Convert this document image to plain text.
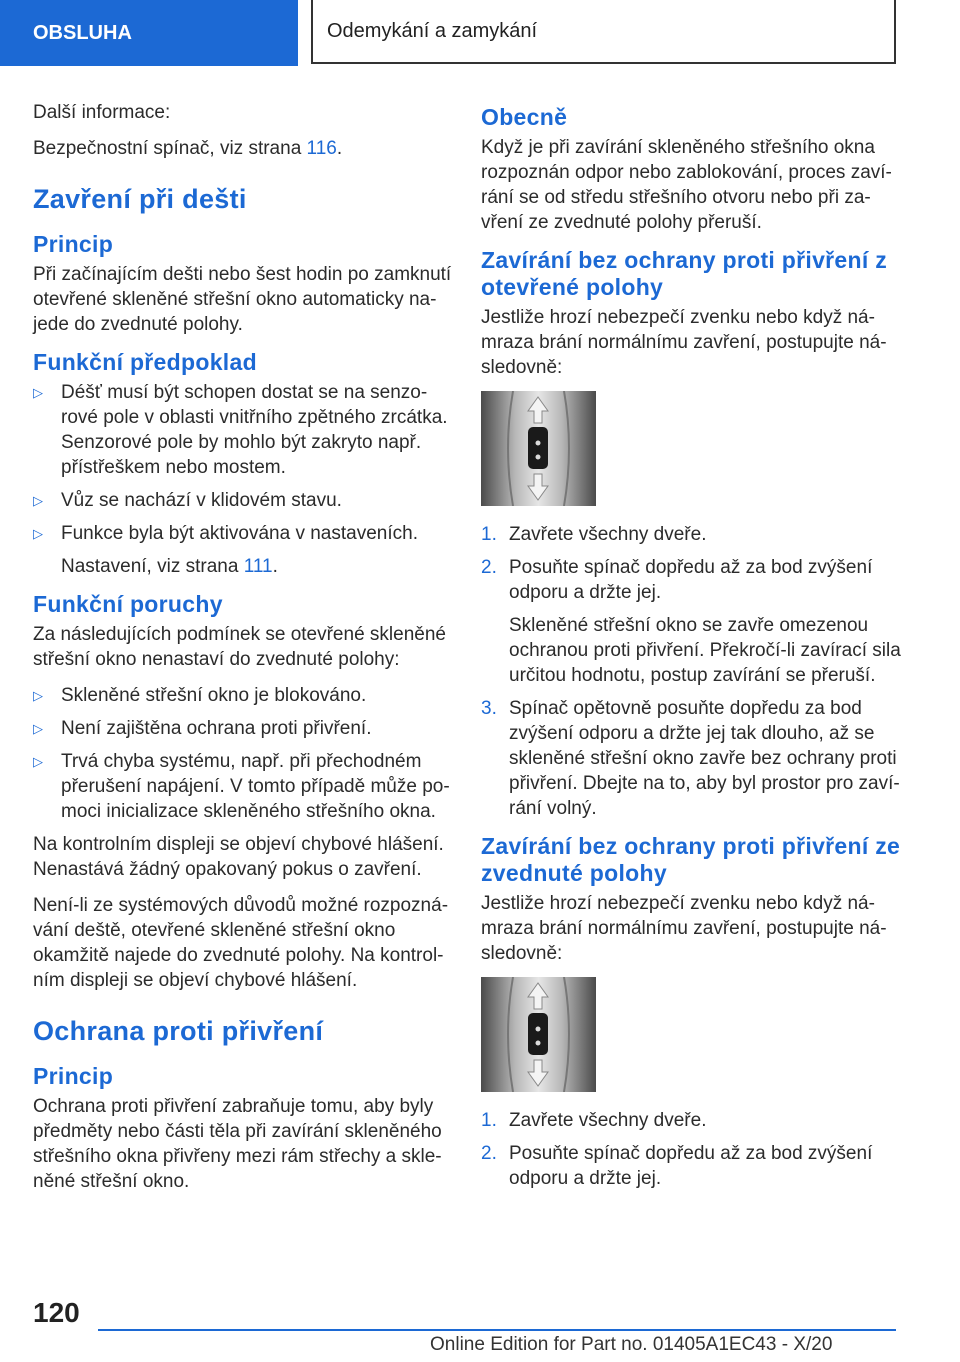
OBSLUHA	Odemykání a zamykání

Další informace:

Bezpečnostní spínač, viz strana 116.

Zavření při dešti
Princip

Při začínajícím dešti nebo šest hodin po zamknutí otevřené skleněné střešní okno automaticky na-jede do zvednuté polohy.

Funkční předpoklad
▷ Déšť musí být schopen dostat se na senzo-rové pole v oblasti vnitřního zpětného zrcátka. Senzorové pole by mohlo být zakryto např. přístřeškem nebo mostem.
▷ Vůz se nachází v klidovém stavu.
▷ Funkce byla být aktivována v nastaveních.
Nastavení, viz strana 111.
Funkční poruchy

Za následujících podmínek se otevřené skleněné střešní okno nenastaví do zvednuté polohy:

▷ Skleněné střešní okno je blokováno.
▷ Není zajištěna ochrana proti přivření.
▷ Trvá chyba systému, např. při přechodném přerušení napájení. V tomto případě může po-moci inicializace skleněného střešního okna.

Na kontrolním displeji se objeví chybové hlášení. Nenastává žádný opakovaný pokus o zavření.

Není-li ze systémových důvodů možné rozpozná-vání deště, otevřené skleněné střešní okno okamžitě najede do zvednuté polohy. Na kontrol-ním displeji se objeví chybové hlášení.

Ochrana proti přivření
Princip

Ochrana proti přivření zabraňuje tomu, aby byly předměty nebo části těla při zavírání skleněného střešního okna přivřeny mezi rám střechy a skle-něné střešní okno.

Obecně

Když je při zavírání skleněného střešního okna rozpoznán odpor nebo zablokování, proces zaví-rání se od středu střešního otvoru nebo při za-vření ze zvednuté polohy přeruší.

Zavírání bez ochrany proti přivření z otevřené polohy

Jestliže hrozí nebezpečí zvenku nebo když ná-mraza brání normálnímu zavření, postupujte ná-sledovně:

1. Zavřete všechny dveře.
2. Posuňte spínač dopředu až za bod zvýšení odporu a držte jej.
Skleněné střešní okno se zavře omezenou ochranou proti přivření. Překročí-li zavírací sila určitou hodnotu, postup zavírání se přeruší.
3. Spínač opětovně posuňte dopředu za bod zvýšení odporu a držte jej tak dlouho, až se skleněné střešní okno zavře bez ochrany proti přivření. Dbejte na to, aby byl prostor pro zaví-rání volný.
Zavírání bez ochrany proti přivření ze zvednuté polohy

Jestliže hrozí nebezpečí zvenku nebo když ná-mraza brání normálnímu zavření, postupujte ná-sledovně:

1. Zavřete všechny dveře.
2. Posuňte spínač dopředu až za bod zvýšení odporu a držte jej.
120
Online Edition for Part no. 01405A1EC43 - X/20
